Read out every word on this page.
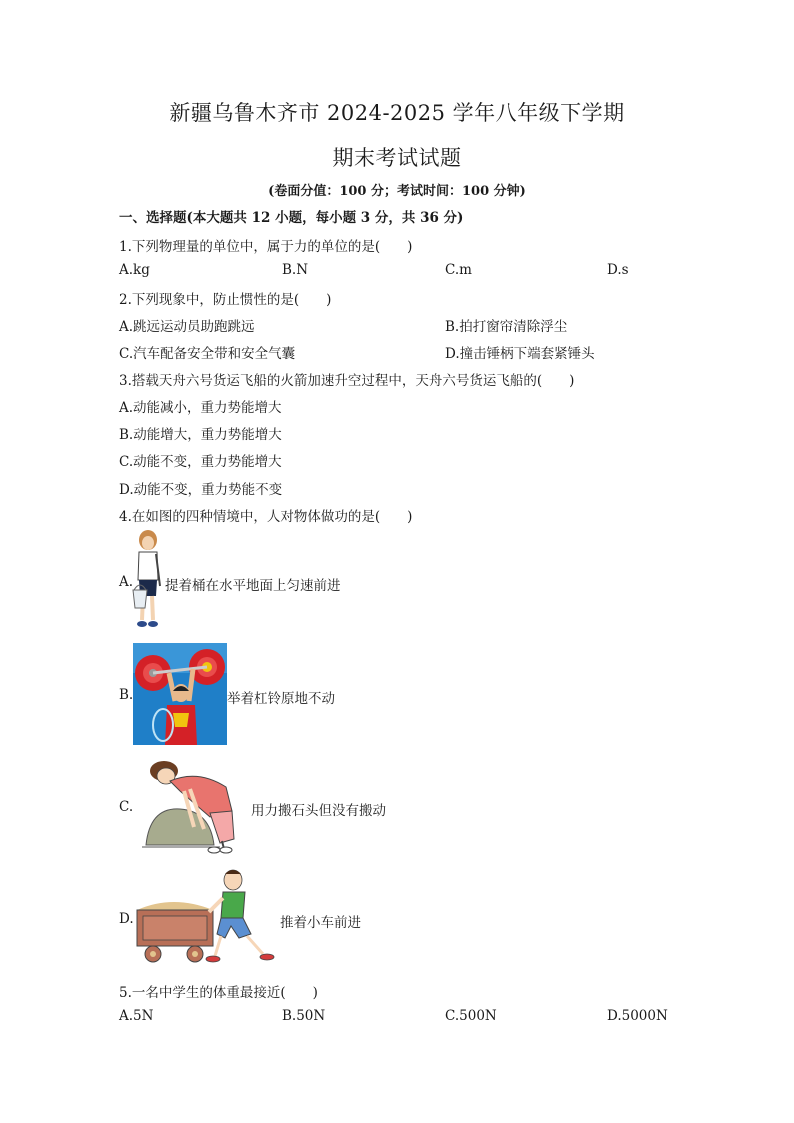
新疆乌鲁木齐市 2024-2025 学年八年级下学期
期末考试试题
(卷面分值：100 分；考试时间：100 分钟)
一、选择题(本大题共 12 小题，每小题 3 分，共 36 分)
1.下列物理量的单位中，属于力的单位的是(　　)
A.kg	B.N	C.m	D.s
2.下列现象中，防止惯性的是(　　)
A.跳远运动员助跑跳远	B.拍打窗帘清除浮尘
C.汽车配备安全带和安全气囊	D.撞击锤柄下端套紧锤头
3.搭载天舟六号货运飞船的火箭加速升空过程中，天舟六号货运飞船的(　　)
A.动能减小，重力势能增大
B.动能增大，重力势能增大
C.动能不变，重力势能增大
D.动能不变，重力势能不变
4.在如图的四种情境中，人对物体做功的是(　　)
A. 提着桶在水平地面上匀速前进
B.	举着杠铃原地不动
C.	用力搬石头但没有搬动
D.	推着小车前进
5.一名中学生的体重最接近(　　)
A.5N	B.50N	C.500N	D.5000N
